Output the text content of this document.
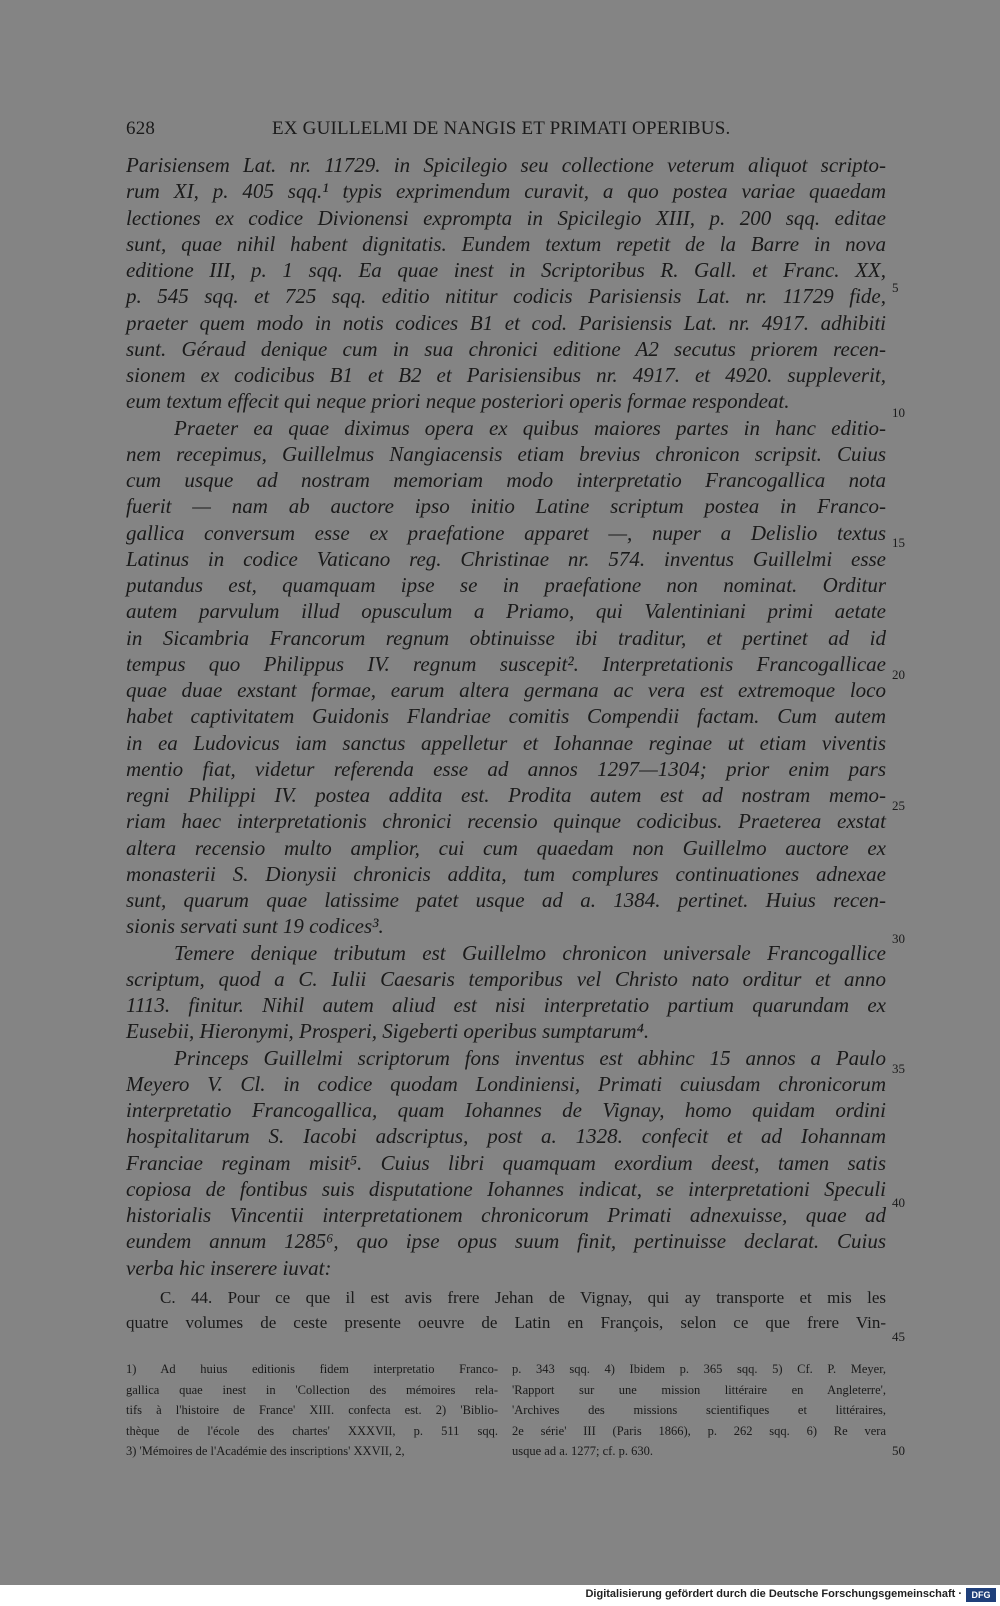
628	EX GUILLELMI DE NANGIS ET PRIMATI OPERIBUS.
Parisiensem Lat. nr. 11729. in Spicilegio seu collectione veterum aliquot scripto-
rum XI, p. 405 sqq.¹ typis exprimendum curavit, a quo postea variae quaedam
lectiones ex codice Divionensi exprompta in Spicilegio XIII, p. 200 sqq. editae
sunt, quae nihil habent dignitatis. Eundem textum repetit de la Barre in nova
editione III, p. 1 sqq. Ea quae inest in Scriptoribus R. Gall. et Franc. XX,
p. 545 sqq. et 725 sqq. editio nititur codicis Parisiensis Lat. nr. 11729 fide,
praeter quem modo in notis codices B1 et cod. Parisiensis Lat. nr. 4917. adhibiti
sunt. Géraud denique cum in sua chronici editione A2 secutus priorem recen-
sionem ex codicibus B1 et B2 et Parisiensibus nr. 4917. et 4920. suppleverit,
eum textum effecit qui neque priori neque posteriori operis formae respondeat.
Praeter ea quae diximus opera ex quibus maiores partes in hanc editio-
nem recepimus, Guillelmus Nangiacensis etiam brevius chronicon scripsit. Cuius
cum usque ad nostram memoriam modo interpretatio Francogallica nota
fuerit — nam ab auctore ipso initio Latine scriptum postea in Franco-
gallica conversum esse ex praefatione apparet —, nuper a Delislio textus
Latinus in codice Vaticano reg. Christinae nr. 574. inventus Guillelmi esse
putandus est, quamquam ipse se in praefatione non nominat. Orditur
autem parvulum illud opusculum a Priamo, qui Valentiniani primi aetate
in Sicambria Francorum regnum obtinuisse ibi traditur, et pertinet ad id
tempus quo Philippus IV. regnum suscepit². Interpretationis Francogallicae
quae duae exstant formae, earum altera germana ac vera est extremoque loco
habet captivitatem Guidonis Flandriae comitis Compendii factam. Cum autem
in ea Ludovicus iam sanctus appelletur et Iohannae reginae ut etiam viventis
mentio fiat, videtur referenda esse ad annos 1297—1304; prior enim pars
regni Philippi IV. postea addita est. Prodita autem est ad nostram memo-
riam haec interpretationis chronici recensio quinque codicibus. Praeterea exstat
altera recensio multo amplior, cui cum quaedam non Guillelmo auctore ex
monasterii S. Dionysii chronicis addita, tum complures continuationes adnexae
sunt, quarum quae latissime patet usque ad a. 1384. pertinet. Huius recen-
sionis servati sunt 19 codices³.
Temere denique tributum est Guillelmo chronicon universale Francogallice
scriptum, quod a C. Iulii Caesaris temporibus vel Christo nato orditur et anno
1113. finitur. Nihil autem aliud est nisi interpretatio partium quarundam ex
Eusebii, Hieronymi, Prosperi, Sigeberti operibus sumptarum⁴.
Princeps Guillelmi scriptorum fons inventus est abhinc 15 annos a Paulo
Meyero V. Cl. in codice quodam Londiniensi, Primati cuiusdam chronicorum
interpretatio Francogallica, quam Iohannes de Vignay, homo quidam ordini
hospitalitarum S. Iacobi adscriptus, post a. 1328. confecit et ad Iohannam
Franciae reginam misit⁵. Cuius libri quamquam exordium deest, tamen satis
copiosa de fontibus suis disputatione Iohannes indicat, se interpretationi Speculi
historialis Vincentii interpretationem chronicorum Primati adnexuisse, quae ad
eundem annum 1285⁶, quo ipse opus suum finit, pertinuisse declarat. Cuius
verba hic inserere iuvat:
5
10
15
20
25
30
35
40
45
50
C. 44. Pour ce que il est avis frere Jehan de Vignay, qui ay transporte et mis les
quatre volumes de ceste presente oeuvre de Latin en François, selon ce que frere Vin-
1) Ad huius editionis fidem interpretatio Franco-
gallica quae inest in 'Collection des mémoires rela-
tifs à l'histoire de France' XIII. confecta est. 2) 'Biblio-
thèque de l'école des chartes' XXXVII, p. 511 sqq.
3) 'Mémoires de l'Académie des inscriptions' XXVII, 2,
p. 343 sqq. 4) Ibidem p. 365 sqq. 5) Cf. P. Meyer,
'Rapport sur une mission littéraire en Angleterre',
'Archives des missions scientifiques et littéraires,
2e série' III (Paris 1866), p. 262 sqq. 6) Re vera
usque ad a. 1277; cf. p. 630.
Digitalisierung gefördert durch die Deutsche Forschungsgemeinschaft ·	DFG
